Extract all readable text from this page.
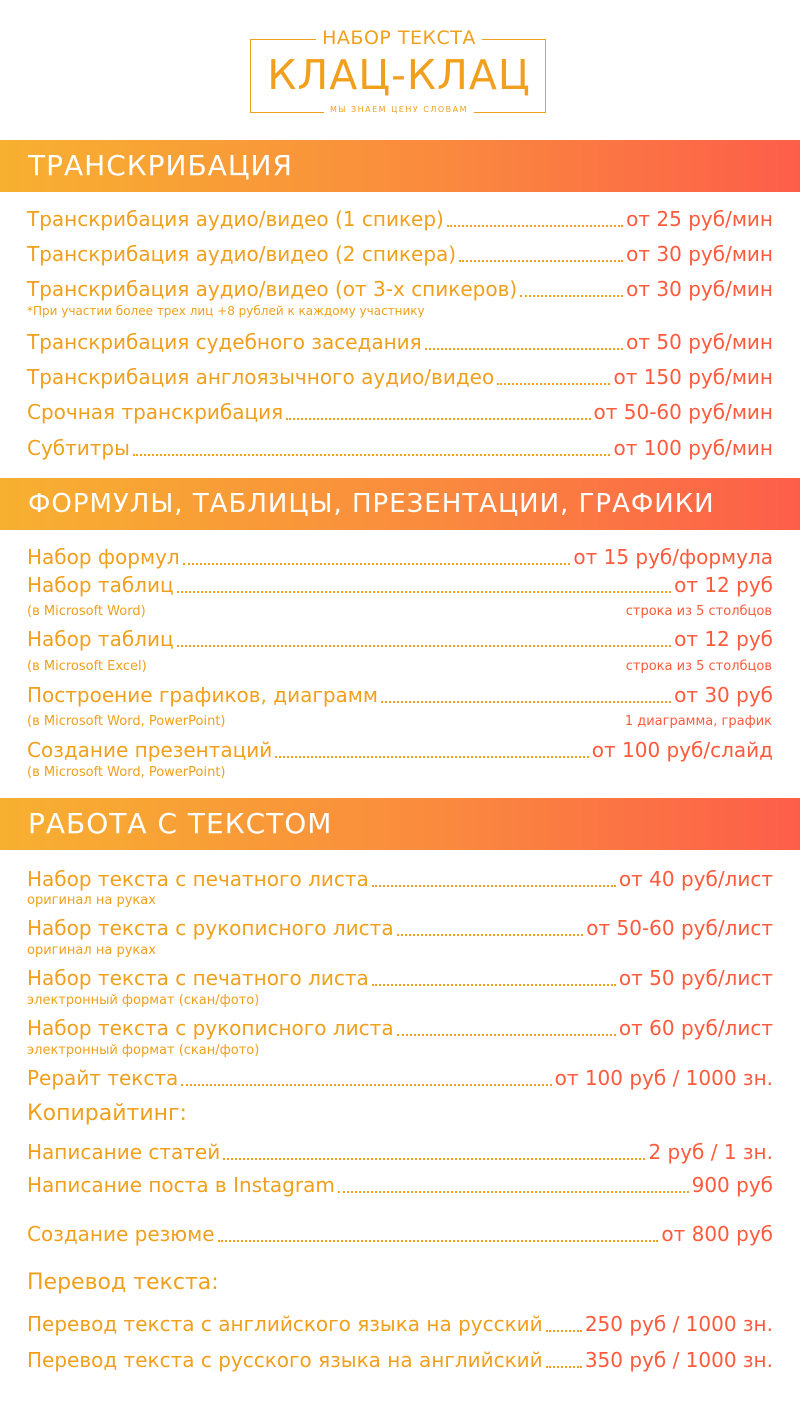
НАБОР ТЕКСТА
КЛАЦ-КЛАЦ
МЫ ЗНАЕМ ЦЕНУ СЛОВАМ
ТРАНСКРИБАЦИЯ
Транскрибация аудио/видео (1 спикер)	от 25 руб/мин
Транскрибация аудио/видео (2 спикера)	от 30 руб/мин
Транскрибация аудио/видео (от 3-х спикеров)	от 30 руб/мин
*При участии более трех лиц +8 рублей к каждому участнику
Транскрибация судебного заседания	от 50 руб/мин
Транскрибация англоязычного аудио/видео	от 150 руб/мин
Срочная транскрибация	от 50-60 руб/мин
Субтитры	от 100 руб/мин
ФОРМУЛЫ, ТАБЛИЦЫ, ПРЕЗЕНТАЦИИ, ГРАФИКИ
Набор формул	от 15 руб/формула
Набор таблиц	от 12 руб
(в Microsoft Word)	строка из 5 столбцов
Набор таблиц	от 12 руб
(в Microsoft Excel)	строка из 5 столбцов
Построение графиков, диаграмм	от 30 руб
(в Microsoft Word, PowerPoint)	1 диаграмма, график
Создание презентаций	от 100 руб/слайд
(в Microsoft Word, PowerPoint)
РАБОТА С ТЕКСТОМ
Набор текста с печатного листа	от 40 руб/лист
оригинал на руках
Набор текста с рукописного листа	от 50-60 руб/лист
оригинал на руках
Набор текста с печатного листа	от 50 руб/лист
электронный формат (скан/фото)
Набор текста с рукописного листа	от 60 руб/лист
электронный формат (скан/фото)
Рерайт текста	от 100 руб / 1000 зн.
Копирайтинг:
Написание статей	2 руб / 1 зн.
Написание поста в Instagram	900 руб
Создание резюме	от 800 руб
Перевод текста:
Перевод текста с английского языка на русский 250 руб / 1000 зн.
Перевод текста с русского языка на английский 350 руб / 1000 зн.
